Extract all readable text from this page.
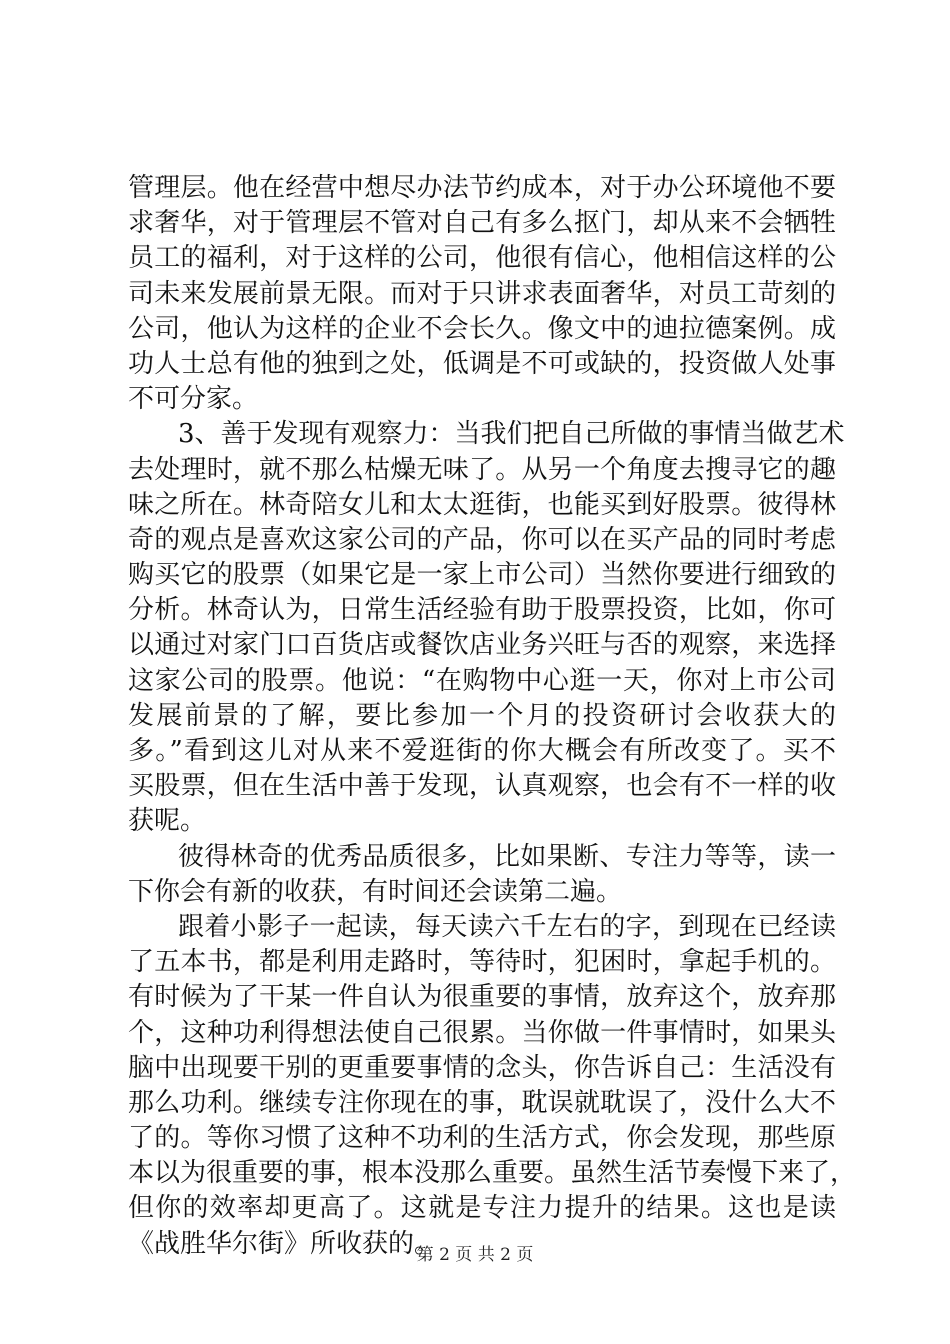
管理层。他在经营中想尽办法节约成本，对于办公环境他不要
求奢华，对于管理层不管对自己有多么抠门，却从来不会牺牲
员工的福利，对于这样的公司，他很有信心，他相信这样的公
司未来发展前景无限。而对于只讲求表面奢华，对员工苛刻的
公司，他认为这样的企业不会长久。像文中的迪拉德案例。成
功人士总有他的独到之处，低调是不可或缺的，投资做人处事
不可分家。
3、善于发现有观察力：当我们把自己所做的事情当做艺术
去处理时，就不那么枯燥无味了。从另一个角度去搜寻它的趣
味之所在。林奇陪女儿和太太逛街，也能买到好股票。彼得林
奇的观点是喜欢这家公司的产品，你可以在买产品的同时考虑
购买它的股票（如果它是一家上市公司）当然你要进行细致的
分析。林奇认为，日常生活经验有助于股票投资，比如，你可
以通过对家门口百货店或餐饮店业务兴旺与否的观察，来选择
这家公司的股票。他说：“在购物中心逛一天，你对上市公司
发展前景的了解，要比参加一个月的投资研讨会收获大的
多。”看到这儿对从来不爱逛街的你大概会有所改变了。买不
买股票，但在生活中善于发现，认真观察，也会有不一样的收
获呢。
彼得林奇的优秀品质很多，比如果断、专注力等等，读一
下你会有新的收获，有时间还会读第二遍。
跟着小影子一起读，每天读六千左右的字，到现在已经读
了五本书，都是利用走路时，等待时，犯困时，拿起手机的。
有时候为了干某一件自认为很重要的事情，放弃这个，放弃那
个，这种功利得想法使自己很累。当你做一件事情时，如果头
脑中出现要干别的更重要事情的念头，你告诉自己：生活没有
那么功利。继续专注你现在的事，耽误就耽误了，没什么大不
了的。等你习惯了这种不功利的生活方式，你会发现，那些原
本以为很重要的事，根本没那么重要。虽然生活节奏慢下来了，
但你的效率却更高了。这就是专注力提升的结果。这也是读
《战胜华尔街》所收获的。
第 2 页 共 2 页
